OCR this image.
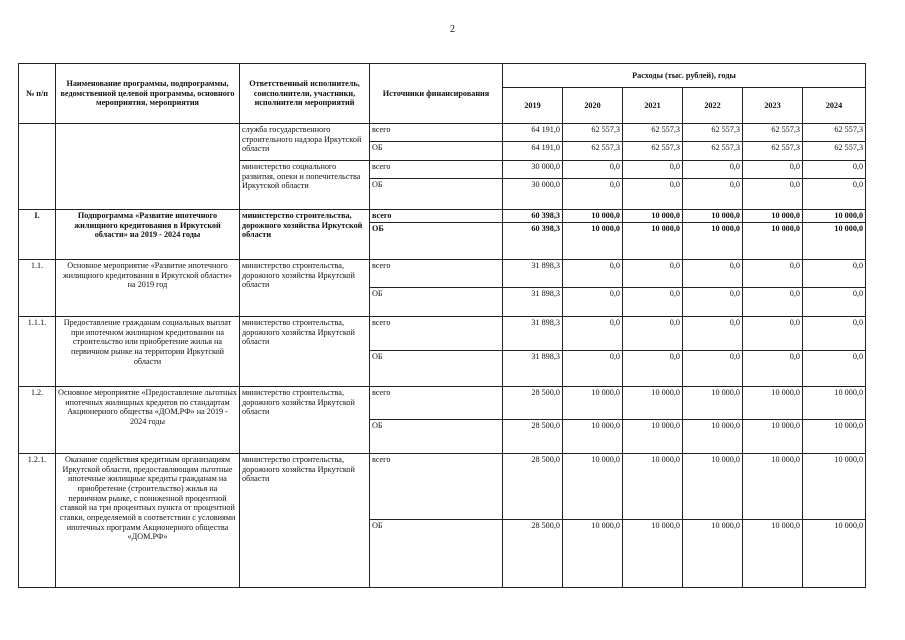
2
№ п/п	Наименование программы, подпрограммы, ведомственной целевой программы, основного мероприятия, мероприятия	Ответственный исполнитель, соисполнители, участники, исполнители мероприятий	Источники финансирования	Расходы (тыс. рублей), годы					
				2019	2020	2021	2022	2023	2024
		служба государственного строительного надзора Иркутской области	всего	64 191,0	62 557,3	62 557,3	62 557,3	62 557,3	62 557,3
			ОБ	64 191,0	62 557,3	62 557,3	62 557,3	62 557,3	62 557,3
		министерство социального развития, опеки и попечительства Иркутской области	всего	30 000,0	0,0	0,0	0,0	0,0	0,0
			ОБ	30 000,0	0,0	0,0	0,0	0,0	0,0
I.	Подпрограмма «Развитие ипотечного жилищного кредитования в Иркутской области» на 2019 - 2024 годы	министерство строительства, дорожного хозяйства Иркутской области	всего	60 398,3	10 000,0	10 000,0	10 000,0	10 000,0	10 000,0
			ОБ	60 398,3	10 000,0	10 000,0	10 000,0	10 000,0	10 000,0
1.1.	Основное мероприятие «Развитие ипотечного жилищного кредитования в Иркутской области» на 2019 год	министерство строительства, дорожного хозяйства Иркутской области	всего	31 898,3	0,0	0,0	0,0	0,0	0,0
			ОБ	31 898,3	0,0	0,0	0,0	0,0	0,0
1.1.1.	Предоставление гражданам социальных выплат при ипотечном жилищном кредитовании на строительство или приобретение жилья на первичном рынке на территории Иркутской области	министерство строительства, дорожного хозяйства Иркутской области	всего	31 898,3	0,0	0,0	0,0	0,0	0,0
			ОБ	31 898,3	0,0	0,0	0,0	0,0	0,0
1.2.	Основное мероприятие «Предоставление льготных ипотечных жилищных кредитов по стандартам Акционерного общества «ДОМ.РФ» на 2019 - 2024 годы	министерство строительства, дорожного хозяйства Иркутской области	всего	28 500,0	10 000,0	10 000,0	10 000,0	10 000,0	10 000,0
			ОБ	28 500,0	10 000,0	10 000,0	10 000,0	10 000,0	10 000,0
1.2.1.	Оказание содействия кредитным организациям Иркутской области, предоставляющим льготные ипотечные жилищные кредиты гражданам на приобретение (строительство) жилья на первичном рынке, с пониженной процентной ставкой на три процентных пункта от процентной ставки, определяемой в соответствии с условиями ипотечных программ Акционерного общества «ДОМ.РФ»	министерство строительства, дорожного хозяйства Иркутской области	всего	28 500,0	10 000,0	10 000,0	10 000,0	10 000,0	10 000,0
			ОБ	28 500,0	10 000,0	10 000,0	10 000,0	10 000,0	10 000,0
